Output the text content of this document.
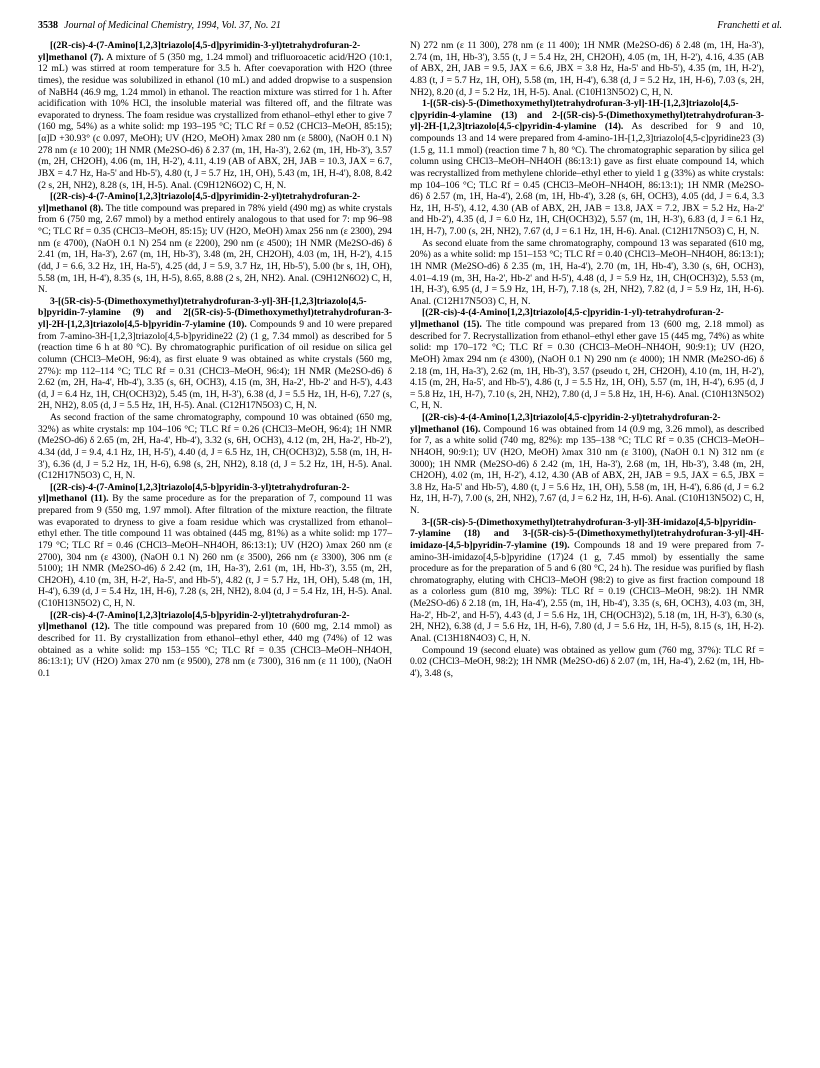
3538 Journal of Medicinal Chemistry, 1994, Vol. 37, No. 21	Franchetti et al.

[(2R-cis)-4-(7-Amino[1,2,3]triazolo[4,5-d]pyrimidin-3-yl)tetrahydrofuran-2-yl]methanol (7). A mixture of 5 (350 mg, 1.24 mmol) and trifluoroacetic acid/H2O (10:1, 12 mL) was stirred at room temperature for 3.5 h. After coevaporation with H2O (three times), the residue was solubilized in ethanol (10 mL) and added dropwise to a suspension of NaBH4 (46.9 mg, 1.24 mmol) in ethanol. The reaction mixture was stirred for 1 h. After acidification with 10% HCl, the insoluble material was filtered off, and the filtrate was evaporated to dryness. The foam residue was crystallized from ethanol–ethyl ether to give 7 (160 mg, 54%) as a white solid: mp 193–195 °C; TLC Rf = 0.52 (CHCl3–MeOH, 85:15); [α]D +30.93° (c 0.097, MeOH); UV (H2O, MeOH) λmax 280 nm (ε 5800), (NaOH 0.1 N) 278 nm (ε 10 200); 1H NMR (Me2SO-d6) δ 2.37 (m, 1H, Ha-3'), 2.62 (m, 1H, Hb-3'), 3.57 (m, 2H, CH2OH), 4.06 (m, 1H, H-2'), 4.11, 4.19 (AB of ABX, 2H, JAB = 10.3, JAX = 6.7, JBX = 4.7 Hz, Ha-5' and Hb-5'), 4.80 (t, J = 5.7 Hz, 1H, OH), 5.43 (m, 1H, H-4'), 8.08, 8.42 (2 s, 2H, NH2), 8.28 (s, 1H, H-5). Anal. (C9H12N6O2) C, H, N.

[(2R-cis)-4-(7-Amino[1,2,3]triazolo[4,5-d]pyrimidin-2-yl)tetrahydrofuran-2-yl]methanol (8). The title compound was prepared in 78% yield (490 mg) as white crystals from 6 (750 mg, 2.67 mmol) by a method entirely analogous to that used for 7: mp 96–98 °C; TLC Rf = 0.35 (CHCl3–MeOH, 85:15); UV (H2O, MeOH) λmax 256 nm (ε 2300), 294 nm (ε 4700), (NaOH 0.1 N) 254 nm (ε 2200), 290 nm (ε 4500); 1H NMR (Me2SO-d6) δ 2.41 (m, 1H, Ha-3'), 2.67 (m, 1H, Hb-3'), 3.48 (m, 2H, CH2OH), 4.03 (m, 1H, H-2'), 4.15 (dd, J = 6.6, 3.2 Hz, 1H, Ha-5'), 4.25 (dd, J = 5.9, 3.7 Hz, 1H, Hb-5'), 5.00 (br s, 1H, OH), 5.58 (m, 1H, H-4'), 8.35 (s, 1H, H-5), 8.65, 8.88 (2 s, 2H, NH2). Anal. (C9H12N6O2) C, H, N.

3-[(5R-cis)-5-(Dimethoxymethyl)tetrahydrofuran-3-yl]-3H-[1,2,3]triazolo[4,5-b]pyridin-7-ylamine (9) and 2[(5R-cis)-5-(Dimethoxymethyl)tetrahydrofuran-3-yl]-2H-[1,2,3]triazolo[4,5-b]pyridin-7-ylamine (10). Compounds 9 and 10 were prepared from 7-amino-3H-[1,2,3]triazolo[4,5-b]pyridine22 (2) (1 g, 7.34 mmol) as described for 5 (reaction time 6 h at 80 °C). By chromatographic purification of oil residue on silica gel column (CHCl3–MeOH, 96:4), as first eluate 9 was obtained as white crystals (560 mg, 27%): mp 112–114 °C; TLC Rf = 0.31 (CHCl3–MeOH, 96:4); 1H NMR (Me2SO-d6) δ 2.62 (m, 2H, Ha-4', Hb-4'), 3.35 (s, 6H, OCH3), 4.15 (m, 3H, Ha-2', Hb-2' and H-5'), 4.43 (d, J = 6.4 Hz, 1H, CH(OCH3)2), 5.45 (m, 1H, H-3'), 6.38 (d, J = 5.5 Hz, 1H, H-6), 7.27 (s, 2H, NH2), 8.05 (d, J = 5.5 Hz, 1H, H-5). Anal. (C12H17N5O3) C, H, N.

As second fraction of the same chromatography, compound 10 was obtained (650 mg, 32%) as white crystals: mp 104–106 °C; TLC Rf = 0.26 (CHCl3–MeOH, 96:4); 1H NMR (Me2SO-d6) δ 2.65 (m, 2H, Ha-4', Hb-4'), 3.32 (s, 6H, OCH3), 4.12 (m, 2H, Ha-2', Hb-2'), 4.34 (dd, J = 9.4, 4.1 Hz, 1H, H-5'), 4.40 (d, J = 6.5 Hz, 1H, CH(OCH3)2), 5.58 (m, 1H, H-3'), 6.36 (d, J = 5.2 Hz, 1H, H-6), 6.98 (s, 2H, NH2), 8.18 (d, J = 5.2 Hz, 1H, H-5). Anal. (C12H17N5O3) C, H, N.

[(2R-cis)-4-(7-Amino[1,2,3]triazolo[4,5-b]pyridin-3-yl)tetrahydrofuran-2-yl]methanol (11). By the same procedure as for the preparation of 7, compound 11 was prepared from 9 (550 mg, 1.97 mmol). After filtration of the mixture reaction, the filtrate was evaporated to dryness to give a foam residue which was crystallized from ethanol–ethyl ether. The title compound 11 was obtained (445 mg, 81%) as a white solid: mp 177–179 °C; TLC Rf = 0.46 (CHCl3–MeOH–NH4OH, 86:13:1); UV (H2O) λmax 260 nm (ε 2700), 304 nm (ε 4300), (NaOH 0.1 N) 260 nm (ε 3500), 266 nm (ε 3300), 306 nm (ε 5100); 1H NMR (Me2SO-d6) δ 2.42 (m, 1H, Ha-3'), 2.61 (m, 1H, Hb-3'), 3.55 (m, 2H, CH2OH), 4.10 (m, 3H, H-2', Ha-5', and Hb-5'), 4.82 (t, J = 5.7 Hz, 1H, OH), 5.48 (m, 1H, H-4'), 6.39 (d, J = 5.4 Hz, 1H, H-6), 7.28 (s, 2H, NH2), 8.04 (d, J = 5.4 Hz, 1H, H-5). Anal. (C10H13N5O2) C, H, N.

[(2R-cis)-4-(7-Amino[1,2,3]triazolo[4,5-b]pyridin-2-yl)tetrahydrofuran-2-yl]methanol (12). The title compound was prepared from 10 (600 mg, 2.14 mmol) as described for 11. By crystallization from ethanol–ethyl ether, 440 mg (74%) of 12 was obtained as a white solid: mp 153–155 °C; TLC Rf = 0.35 (CHCl3–MeOH–NH4OH, 86:13:1); UV (H2O) λmax 270 nm (ε 9500), 278 nm (ε 7300), 316 nm (ε 11 100), (NaOH 0.1

N) 272 nm (ε 11 300), 278 nm (ε 11 400); 1H NMR (Me2SO-d6) δ 2.48 (m, 1H, Ha-3'), 2.74 (m, 1H, Hb-3'), 3.55 (t, J = 5.4 Hz, 2H, CH2OH), 4.05 (m, 1H, H-2'), 4.16, 4.35 (AB of ABX, 2H, JAB = 9.5, JAX = 6.6, JBX = 3.8 Hz, Ha-5' and Hb-5'), 4.35 (m, 1H, H-2'), 4.83 (t, J = 5.7 Hz, 1H, OH), 5.58 (m, 1H, H-4'), 6.38 (d, J = 5.2 Hz, 1H, H-6), 7.03 (s, 2H, NH2), 8.20 (d, J = 5.2 Hz, 1H, H-5). Anal. (C10H13N5O2) C, H, N.

1-[(5R-cis)-5-(Dimethoxymethyl)tetrahydrofuran-3-yl]-1H-[1,2,3]triazolo[4,5-c]pyridin-4-ylamine (13) and 2-[(5R-cis)-5-(Dimethoxymethyl)tetrahydrofuran-3-yl]-2H-[1,2,3]triazolo[4,5-c]pyridin-4-ylamine (14). As described for 9 and 10, compounds 13 and 14 were prepared from 4-amino-1H-[1,2,3]triazolo[4,5-c]pyridine23 (3) (1.5 g, 11.1 mmol) (reaction time 7 h, 80 °C). The chromatographic separation by silica gel column using CHCl3–MeOH–NH4OH (86:13:1) gave as first eluate compound 14, which was recrystallized from methylene chloride–ethyl ether to yield 1 g (33%) as white crystals: mp 104–106 °C; TLC Rf = 0.45 (CHCl3–MeOH–NH4OH, 86:13:1); 1H NMR (Me2SO-d6) δ 2.57 (m, 1H, Ha-4'), 2.68 (m, 1H, Hb-4'), 3.28 (s, 6H, OCH3), 4.05 (dd, J = 6.4, 3.3 Hz, 1H, H-5'), 4.12, 4.30 (AB of ABX, 2H, JAB = 13.8, JAX = 7.2, JBX = 5.2 Hz, Ha-2' and Hb-2'), 4.35 (d, J = 6.0 Hz, 1H, CH(OCH3)2), 5.57 (m, 1H, H-3'), 6.83 (d, J = 6.1 Hz, 1H, H-7), 7.00 (s, 2H, NH2), 7.67 (d, J = 6.1 Hz, 1H, H-6). Anal. (C12H17N5O3) C, H, N.

As second eluate from the same chromatography, compound 13 was separated (610 mg, 20%) as a white solid: mp 151–153 °C; TLC Rf = 0.40 (CHCl3–MeOH–NH4OH, 86:13:1); 1H NMR (Me2SO-d6) δ 2.35 (m, 1H, Ha-4'), 2.70 (m, 1H, Hb-4'), 3.30 (s, 6H, OCH3), 4.01–4.19 (m, 3H, Ha-2', Hb-2' and H-5'), 4.48 (d, J = 5.9 Hz, 1H, CH(OCH3)2), 5.53 (m, 1H, H-3'), 6.95 (d, J = 5.9 Hz, 1H, H-7), 7.18 (s, 2H, NH2), 7.82 (d, J = 5.9 Hz, 1H, H-6). Anal. (C12H17N5O3) C, H, N.

[(2R-cis)-4-(4-Amino[1,2,3]triazolo[4,5-c]pyridin-1-yl)-tetrahydrofuran-2-yl]methanol (15). The title compound was prepared from 13 (600 mg, 2.18 mmol) as described for 7. Recrystallization from ethanol–ethyl ether gave 15 (445 mg, 74%) as white solid: mp 170–172 °C; TLC Rf = 0.30 (CHCl3–MeOH–NH4OH, 90:9:1); UV (H2O, MeOH) λmax 294 nm (ε 4300), (NaOH 0.1 N) 290 nm (ε 4000); 1H NMR (Me2SO-d6) δ 2.18 (m, 1H, Ha-3'), 2.62 (m, 1H, Hb-3'), 3.57 (pseudo t, 2H, CH2OH), 4.10 (m, 1H, H-2'), 4.15 (m, 2H, Ha-5', and Hb-5'), 4.86 (t, J = 5.5 Hz, 1H, OH), 5.57 (m, 1H, H-4'), 6.95 (d, J = 5.8 Hz, 1H, H-7), 7.10 (s, 2H, NH2), 7.80 (d, J = 5.8 Hz, 1H, H-6). Anal. (C10H13N5O2) C, H, N.

[(2R-cis)-4-(4-Amino[1,2,3]triazolo[4,5-c]pyridin-2-yl)tetrahydrofuran-2-yl]methanol (16). Compound 16 was obtained from 14 (0.9 mg, 3.26 mmol), as described for 7, as a white solid (740 mg, 82%): mp 135–138 °C; TLC Rf = 0.35 (CHCl3–MeOH–NH4OH, 90:9:1); UV (H2O, MeOH) λmax 310 nm (ε 3100), (NaOH 0.1 N) 312 nm (ε 3000); 1H NMR (Me2SO-d6) δ 2.42 (m, 1H, Ha-3'), 2.68 (m, 1H, Hb-3'), 3.48 (m, 2H, CH2OH), 4.02 (m, 1H, H-2'), 4.12, 4.30 (AB of ABX, 2H, JAB = 9.5, JAX = 6.5, JBX = 3.8 Hz, Ha-5' and Hb-5'), 4.80 (t, J = 5.6 Hz, 1H, OH), 5.58 (m, 1H, H-4'), 6.86 (d, J = 6.2 Hz, 1H, H-7), 7.00 (s, 2H, NH2), 7.67 (d, J = 6.2 Hz, 1H, H-6). Anal. (C10H13N5O2) C, H, N.

3-[(5R-cis)-5-(Dimethoxymethyl)tetrahydrofuran-3-yl]-3H-imidazo[4,5-b]pyridin-7-ylamine (18) and 3-[(5R-cis)-5-(Dimethoxymethyl)tetrahydrofuran-3-yl]-4H-imidazo-[4,5-b]pyridin-7-ylamine (19). Compounds 18 and 19 were prepared from 7-amino-3H-imidazo[4,5-b]pyridine (17)24 (1 g, 7.45 mmol) by essentially the same procedure as for the preparation of 5 and 6 (80 °C, 24 h). The residue was purified by flash chromatography, eluting with CHCl3–MeOH (98:2) to give as first fraction compound 18 as a colorless gum (810 mg, 39%): TLC Rf = 0.19 (CHCl3–MeOH, 98:2). 1H NMR (Me2SO-d6) δ 2.18 (m, 1H, Ha-4'), 2.55 (m, 1H, Hb-4'), 3.35 (s, 6H, OCH3), 4.03 (m, 3H, Ha-2', Hb-2', and H-5'), 4.43 (d, J = 5.6 Hz, 1H, CH(OCH3)2), 5.18 (m, 1H, H-3'), 6.30 (s, 2H, NH2), 6.38 (d, J = 5.6 Hz, 1H, H-6), 7.80 (d, J = 5.6 Hz, 1H, H-5), 8.15 (s, 1H, H-2). Anal. (C13H18N4O3) C, H, N.

Compound 19 (second eluate) was obtained as yellow gum (760 mg, 37%): TLC Rf = 0.02 (CHCl3–MeOH, 98:2); 1H NMR (Me2SO-d6) δ 2.07 (m, 1H, Ha-4'), 2.62 (m, 1H, Hb-4'), 3.48 (s,
